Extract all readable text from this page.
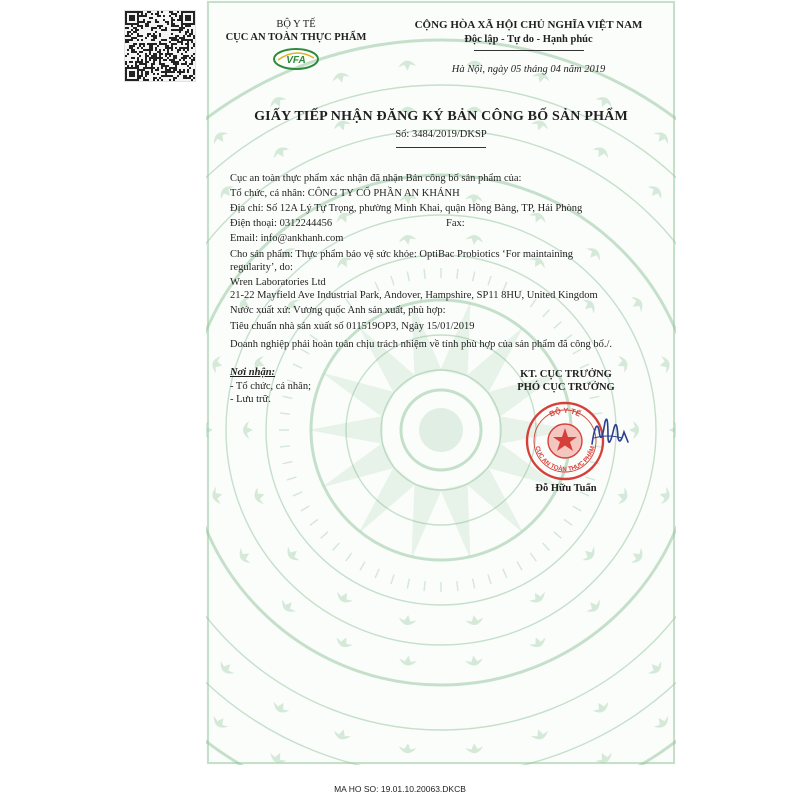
BỘ Y TẾ
CỤC AN TOÀN THỰC PHẨM
VFA
CỘNG HÒA XÃ HỘI CHỦ NGHĨA VIỆT NAM
Độc lập - Tự do - Hạnh phúc
Hà Nội, ngày 05 tháng 04 năm 2019
GIẤY TIẾP NHẬN ĐĂNG KÝ BẢN CÔNG BỐ SẢN PHẨM
Số: 3484/2019/DKSP
Cục an toàn thực phẩm xác nhận đã nhận Bản công bố sản phẩm của:
Tổ chức, cá nhân: CÔNG TY CỔ PHẦN AN KHÁNH
Địa chỉ: Số 12A Lý Tự Trọng, phường Minh Khai, quận Hồng Bàng, TP, Hải Phòng
Điện thoại: 0312244456	Fax:
Email: info@ankhanh.com
Cho sản phẩm: Thực phẩm bảo vệ sức khỏe: OptiBac Probiotics ‘For maintaining
regularity’, do:
Wren Laboratories Ltd
21-22 Mayfield Ave Industrial Park, Andover, Hampshire, SP11 8HU, United Kingdom
Nước xuất xứ: Vương quốc Anh sản xuất, phù hợp:
Tiêu chuẩn nhà sản xuất số 011519OP3, Ngày 15/01/2019
Doanh nghiệp phải hoàn toàn chịu trách nhiệm về tính phù hợp của sản phẩm đã công bố./.
Nơi nhận:
- Tổ chức, cá nhân;
- Lưu trữ.
KT. CỤC TRƯỞNG
PHÓ CỤC TRƯỞNG
BỘ Y TẾ
CỤC AN TOÀN THỰC PHẨM
Đỗ Hữu Tuấn
MA HO SO: 19.01.10.20063.DKCB
